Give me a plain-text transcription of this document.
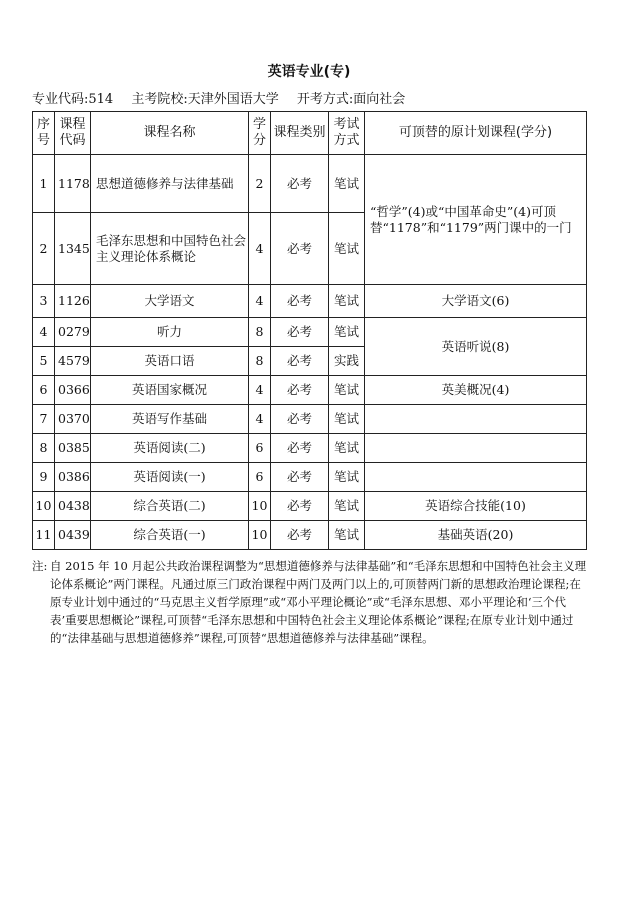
英语专业(专)
专业代码:514 主考院校:天津外国语大学 开考方式:面向社会
序号	课程代码	课程名称	学分	课程类别	考试方式	可顶替的原计划课程(学分)
1	1178	思想道德修养与法律基础	2	必考	笔试	“哲学”(4)或“中国革命史”(4)可顶替“1178”和“1179”两门课中的一门
2	1345	毛泽东思想和中国特色社会主义理论体系概论	4	必考	笔试	
3	1126	大学语文	4	必考	笔试	大学语文(6)
4	0279	听力	8	必考	笔试	英语听说(8)
5	4579	英语口语	8	必考	实践	
6	0366	英语国家概况	4	必考	笔试	英美概况(4)
7	0370	英语写作基础	4	必考	笔试	
8	0385	英语阅读(二)	6	必考	笔试	
9	0386	英语阅读(一)	6	必考	笔试	
10	0438	综合英语(二)	10	必考	笔试	英语综合技能(10)
11	0439	综合英语(一)	10	必考	笔试	基础英语(20)
注: 自 2015 年 10 月起公共政治课程调整为“思想道德修养与法律基础”和“毛泽东思想和中国特色社会主义理论体系概论”两门课程。凡通过原三门政治课程中两门及两门以上的,可顶替两门新的思想政治理论课程;在原专业计划中通过的“马克思主义哲学原理”或“邓小平理论概论”或“毛泽东思想、邓小平理论和‘三个代表’重要思想概论”课程,可顶替“毛泽东思想和中国特色社会主义理论体系概论”课程;在原专业计划中通过的“法律基础与思想道德修养”课程,可顶替“思想道德修养与法律基础”课程。
